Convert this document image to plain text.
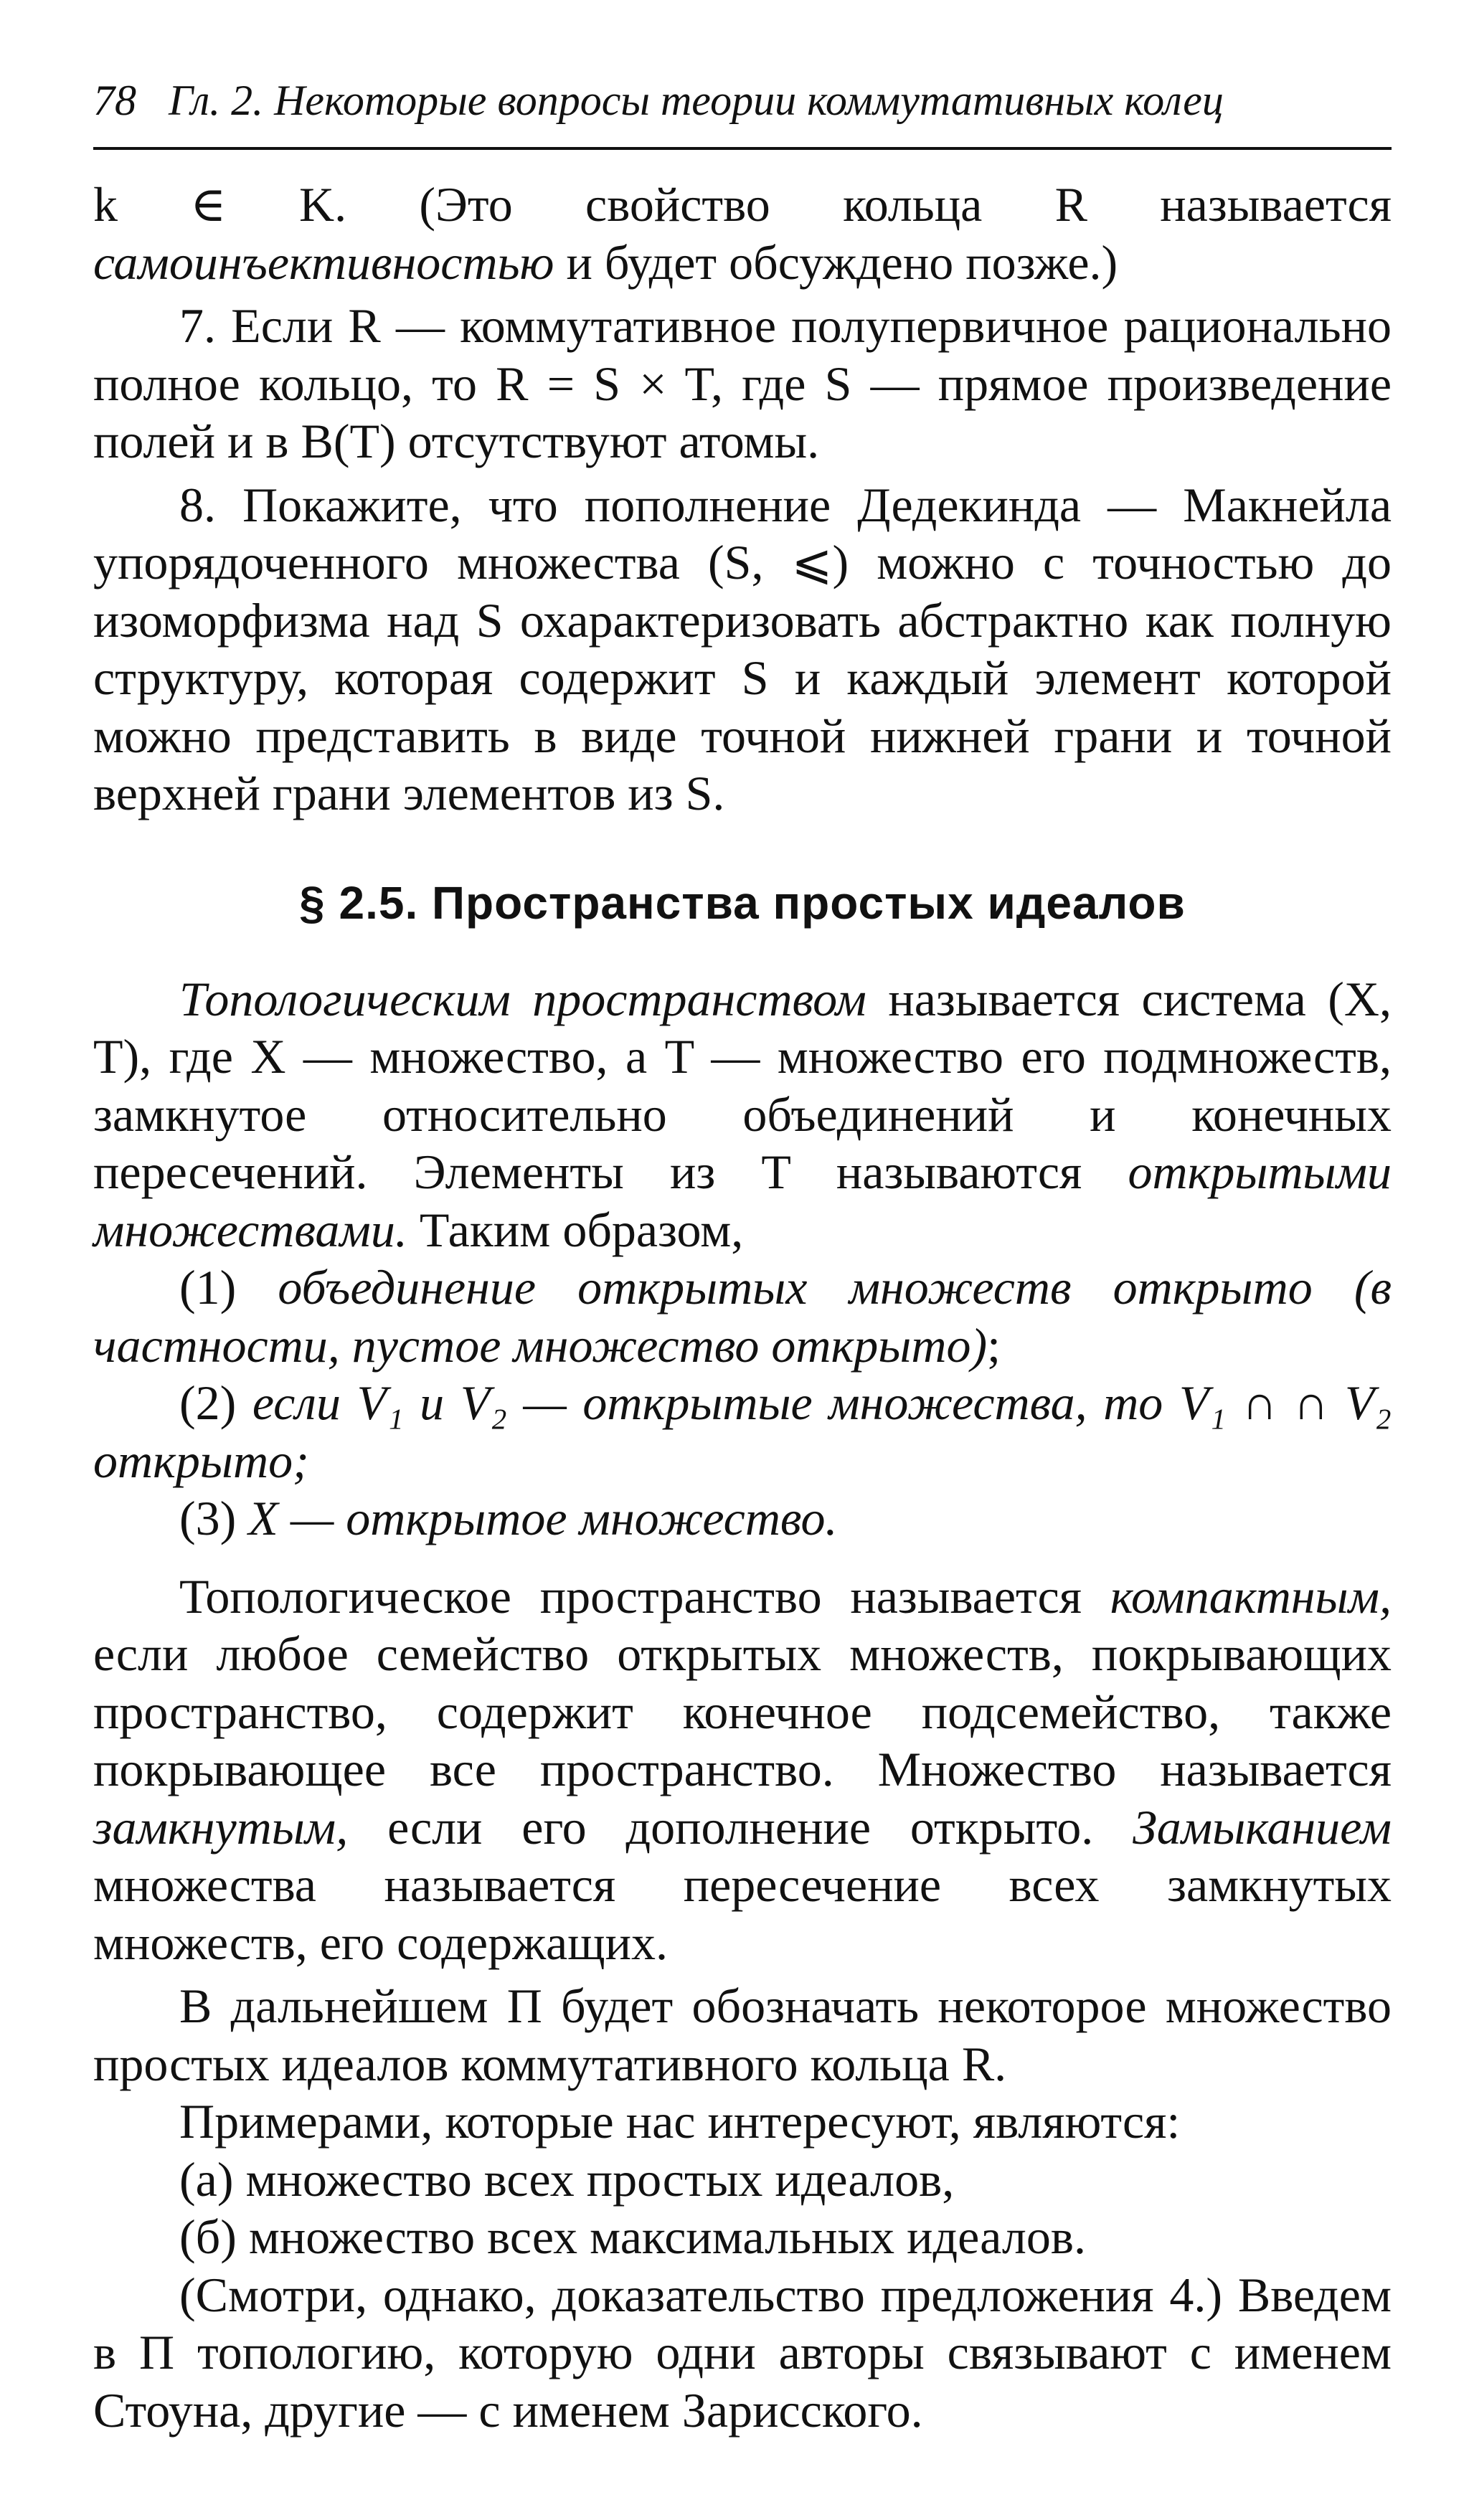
78 Гл. 2. Некоторые вопросы теории коммутативных колец

k ∈ K. (Это свойство кольца R называется самоинъективностью и будет обсуждено позже.)

7. Если R — коммутативное полупервичное рационально полное кольцо, то R = S × T, где S — прямое произведение полей и в B(T) отсутствуют атомы.

8. Покажите, что пополнение Дедекинда — Макнейла упорядоченного множества (S, ⩽) можно с точностью до изоморфизма над S охарактеризовать абстрактно как полную структуру, которая содержит S и каждый элемент которой можно представить в виде точной нижней грани и точной верхней грани элементов из S.

§ 2.5. Пространства простых идеалов

Топологическим пространством называется система (X, T), где X — множество, а T — множество его подмножеств, замкнутое относительно объединений и конечных пересечений. Элементы из T называются открытыми множествами. Таким образом,

(1) объединение открытых множеств открыто (в частности, пустое множество открыто);

(2) если V₁ и V₂ — открытые множества, то V₁ ∩ ∩ V₂ открыто;

(3) X — открытое множество.

Топологическое пространство называется компактным, если любое семейство открытых множеств, покрывающих пространство, содержит конечное подсемейство, также покрывающее все пространство. Множество называется замкнутым, если его дополнение открыто. Замыканием множества называется пересечение всех замкнутых множеств, его содержащих.

В дальнейшем П будет обозначать некоторое множество простых идеалов коммутативного кольца R.

Примерами, которые нас интересуют, являются:

(а) множество всех простых идеалов,

(б) множество всех максимальных идеалов.

(Смотри, однако, доказательство предложения 4.) Введем в П топологию, которую одни авторы связывают с именем Стоуна, другие — с именем Зарисского.
